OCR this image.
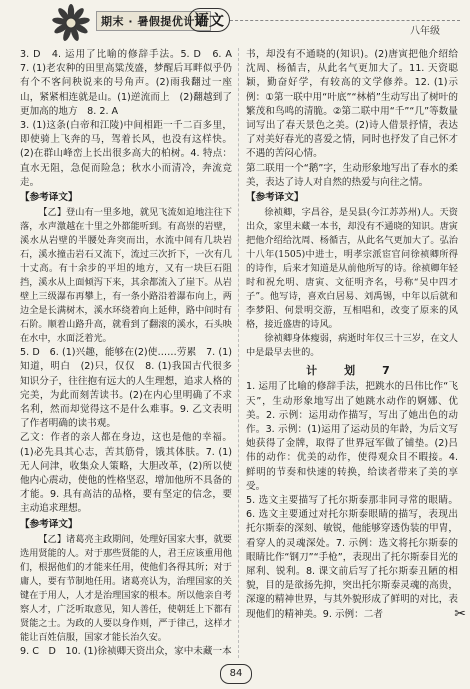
期末 · 暑假提优计划
语文
八年级

3. D　4. 运用了比喻的修辞手法。5. D　6. A　7. (1)老农种的田里高粱茂盛，梦醒后耳畔似乎仍有个不客问秧说来的号角声。(2)雨我翻过一座山，紧紧相连就是山。(1)逆流而上　(2)翻越到了更加高的地方　8. 2. A

3. (1)这条(白帝和江陵)中间相距一千二百多里，即使骑上飞奔的马，驾着长风，也没有这样快。(2)在群山峰峦上长出很多高大的柏树。4. 特点：直水无阻，急促而险急；秋水小而清冷，奔流竞走。

【参考译文】

【乙】登山有一里多地，就见飞流如迫地注往下落，水声激越在十里之外都能听到。有高崇的岩壁，溪水从岩壁的半腰处奔突而出，水流中间有几块岩石，溪水撞击岩石又流下，流过三次折下，一次有几十丈高。有十余步的平坦的地方，又有一块巨石阻挡，溪水从上面倾泻下来，其余都流入了崖下。从岩壁上三级瀑布再攀上，有一条小路沿着瀑布向上，两边全是长满树木，溪水环绕着向上延伸，路中间时有石阶。顺着山路升高，就看到了翻滚的溪水，石头映在水中，水面泛着光。

5. D　6. (1)兴趣，能够在(2)使……劳累　7. (1)知道，明白　(2)只，仅仅　8. (1)我国古代很多知识分子，往往抱有远大的人生理想，追求人格的完美，为此而刻苦读书。(2)在内心里明确了不求名利，然而却觉得这不是什么难事。9. 乙文表明了作者明确的读书观。

乙文：作者的亲人都在身边，这也是他的幸福。(1)必先具其心志，苦其筋骨，饿其体肤。7. (1)无人问津，收集众人策略，大胆改革，(2)所以使他内心震动，使他的性格坚忍，增加他所不具备的才能。9. 具有高洁的品格，要有坚定的信念，要主动追求理想。

【参考译文】

【乙】诸葛亮主政期间，处理好国家大事，就要选用贤能的人。对于那些贤能的人，君王应该重用他们，根据他们的才能来任用，使他们各得其所；对于庸人，要有节制地任用。诸葛亮认为，治理国家的关键在于用人，人才是治理国家的根本。所以他亲自考察人才，广泛听取意见，知人善任，使朝廷上下都有贤能之士。为政的人要以身作则，严于律己，这样才能让百姓信服，国家才能长治久安。

9. C　D　10. (1)徐祯卿天资出众，家中未藏一本

书，却没有不通晓的(知识)。(2)唐寅把他介绍给沈周、杨循吉，从此名气更加大了。11. 天资聪颖，勤奋好学，有较高的文学修养。12. (1)示例：①第一联中用“叶底”“林梢”生动写出了树叶的繁茂和鸟鸣的清脆。②第二联中用“千”“几”等数量词写出了春天景色之美。(2)诗人借景抒情，表达了对美好春光的喜爱之情，同时也抒发了自己怀才不遇的苦闷心情。

第二联用一个“鹅”字，生动形象地写出了春水的柔美，表达了诗人对自然的热爱与向往之情。

【参考译文】

徐祯卿，字昌谷，是吴县(今江苏苏州)人。天资出众，家里未藏一本书，却没有不通晓的知识。唐寅把他介绍给沈周、杨循吉，从此名气更加大了。弘治十八年(1505)中进士，明孝宗派宦官问徐祯卿所得的诗作，后来才知道是从前他所写的诗。徐祯卿年轻时和祝允明、唐寅、文征明齐名，号称“吴中四才子”。他写诗，喜欢白居易、刘禹锡，中年以后就和李梦阳、何景明交游，互相唱和，改变了原来的风格，接近盛唐的诗风。

徐祯卿身体瘦弱，病逝时年仅三十三岁，在文人中是最早去世的。

计　划　7

1. 运用了比喻的修辞手法，把跳水的吕伟比作“飞天”，生动形象地写出了她跳水动作的婀娜、优美。2. 示例：运用动作描写，写出了她出色的动作。3. 示例：(1)运用了运动员的年龄，为后文写她获得了金牌，取得了世界冠军做了铺垫。(2)吕伟的动作：优美的动作，使得观众目不暇接。4. 鲜明的节奏和快速的转换，给读者带来了美的享受。

5. 选文主要描写了托尔斯泰那非同寻常的眼睛。6. 选文主要通过对托尔斯泰眼睛的描写，表现出托尔斯泰的深刻、敏锐，他能够穿透伪装的甲胄，看穿人的灵魂深处。7. 示例：选文将托尔斯泰的眼睛比作“钢刀”“手枪”，表现出了托尔斯泰目光的犀利、锐利。8. 课文前后写了托尔斯泰丑陋的相貌，目的是欲扬先抑，突出托尔斯泰灵魂的高贵，深邃的精神世界，与其外貌形成了鲜明的对比，表现他们的精神美。9. 示例：二者

84
✂
